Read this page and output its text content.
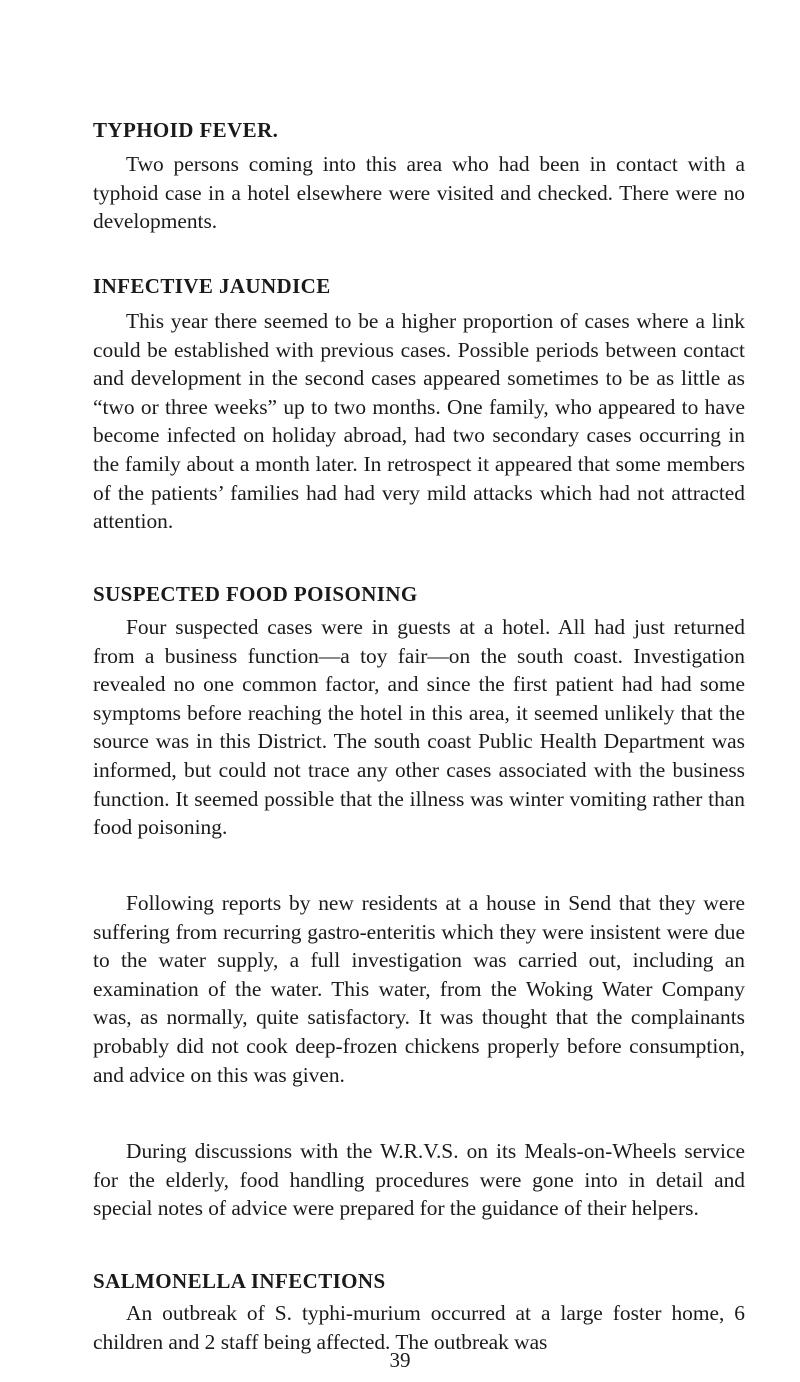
TYPHOID FEVER.

Two persons coming into this area who had been in contact with a typhoid case in a hotel elsewhere were visited and checked. There were no developments.

INFECTIVE JAUNDICE

This year there seemed to be a higher proportion of cases where a link could be established with previous cases. Possible periods between contact and development in the second cases appeared sometimes to be as little as “two or three weeks” up to two months. One family, who appeared to have become infected on holiday abroad, had two secondary cases occurring in the family about a month later. In retrospect it appeared that some members of the patients’ families had had very mild attacks which had not attracted attention.

SUSPECTED FOOD POISONING

Four suspected cases were in guests at a hotel. All had just returned from a business function—a toy fair—on the south coast. Investigation revealed no one common factor, and since the first patient had had some symptoms before reaching the hotel in this area, it seemed unlikely that the source was in this District. The south coast Public Health Department was informed, but could not trace any other cases associated with the business function. It seemed possible that the illness was winter vomiting rather than food poisoning.

Following reports by new residents at a house in Send that they were suffering from recurring gastro-enteritis which they were insistent were due to the water supply, a full investigation was carried out, including an examination of the water. This water, from the Woking Water Company was, as normally, quite satisfactory. It was thought that the complainants probably did not cook deep-frozen chickens properly before consumption, and advice on this was given.

During discussions with the W.R.V.S. on its Meals-on-Wheels service for the elderly, food handling procedures were gone into in detail and special notes of advice were prepared for the guidance of their helpers.

SALMONELLA INFECTIONS

An outbreak of S. typhi-murium occurred at a large foster home, 6 children and 2 staff being affected. The outbreak was

39
